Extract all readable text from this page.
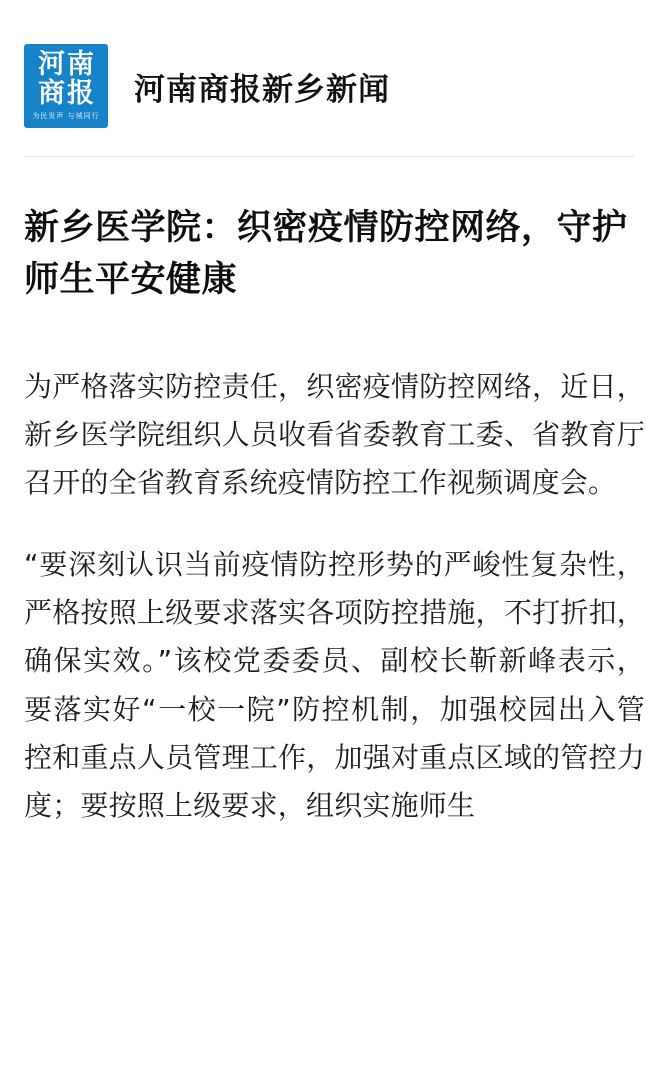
河 南
商 报
为民发声 与城同行
河南商报新乡新闻
新乡医学院：织密疫情防控网络，守护师生平安健康

为严格落实防控责任，织密疫情防控网络，近日，新乡医学院组织人员收看省委教育工委、省教育厅召开的全省教育系统疫情防控工作视频调度会。

“要深刻认识当前疫情防控形势的严峻性复杂性，严格按照上级要求落实各项防控措施，不打折扣，确保实效。”该校党委委员、副校长靳新峰表示，要落实好“一校一院”防控机制，加强校园出入管控和重点人员管理工作，加强对重点区域的管控力度；要按照上级要求，组织实施师生
